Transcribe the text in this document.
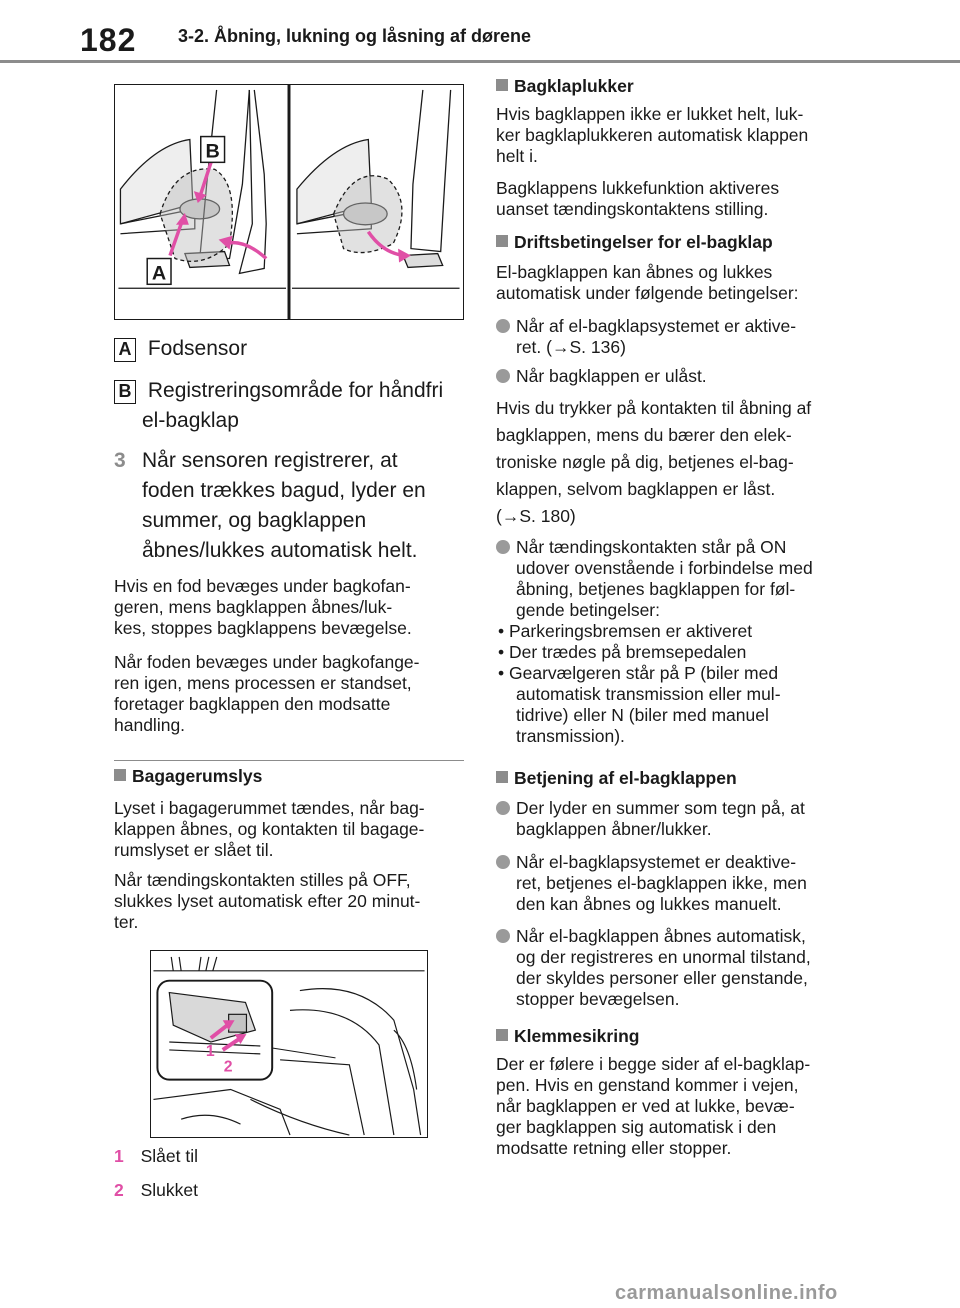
182 3-2. Åbning, lukning og låsning af dørene
A
B
A Fodsensor
B Registreringsområde for håndfri
el-bagklap
3 Når sensoren registrerer, at
foden trækkes bagud, lyder en
summer, og bagklappen
åbnes/lukkes automatisk helt.
Hvis en fod bevæges under bagkofan-
geren, mens bagklappen åbnes/luk-
kes, stoppes bagklappens bevægelse.
Når foden bevæges under bagkofange-
ren igen, mens processen er standset,
foretager bagklappen den modsatte
handling.
Bagagerumslys
Lyset i bagagerummet tændes, når bag-
klappen åbnes, og kontakten til bagage-
rumslyset er slået til.
Når tændingskontakten stilles på OFF,
slukkes lyset automatisk efter 20 minut-
ter.
1
2
1 Slået til
2 Slukket
Bagklaplukker
Hvis bagklappen ikke er lukket helt, luk-
ker bagklaplukkeren automatisk klappen
helt i.
Bagklappens lukkefunktion aktiveres
uanset tændingskontaktens stilling.
Driftsbetingelser for el-bagklap
El-bagklappen kan åbnes og lukkes
automatisk under følgende betingelser:
Når af el-bagklapsystemet er aktive-
ret. (→S. 136)
Når bagklappen er ulåst.
Hvis du trykker på kontakten til åbning af
bagklappen, mens du bærer den elek-
troniske nøgle på dig, betjenes el-bag-
klappen, selvom bagklappen er låst.
(→S. 180)
Når tændingskontakten står på ON
udover ovenstående i forbindelse med
åbning, betjenes bagklappen for føl-
gende betingelser:
• Parkeringsbremsen er aktiveret
• Der trædes på bremsepedalen
• Gearvælgeren står på P (biler med
automatisk transmission eller mul-
tidrive) eller N (biler med manuel
transmission).
Betjening af el-bagklappen
Der lyder en summer som tegn på, at
bagklappen åbner/lukker.
Når el-bagklapsystemet er deaktive-
ret, betjenes el-bagklappen ikke, men
den kan åbnes og lukkes manuelt.
Når el-bagklappen åbnes automatisk,
og der registreres en unormal tilstand,
der skyldes personer eller genstande,
stopper bevægelsen.
Klemmesikring
Der er følere i begge sider af el-bagklap-
pen. Hvis en genstand kommer i vejen,
når bagklappen er ved at lukke, bevæ-
ger bagklappen sig automatisk i den
modsatte retning eller stopper.
carmanualsonline.info
